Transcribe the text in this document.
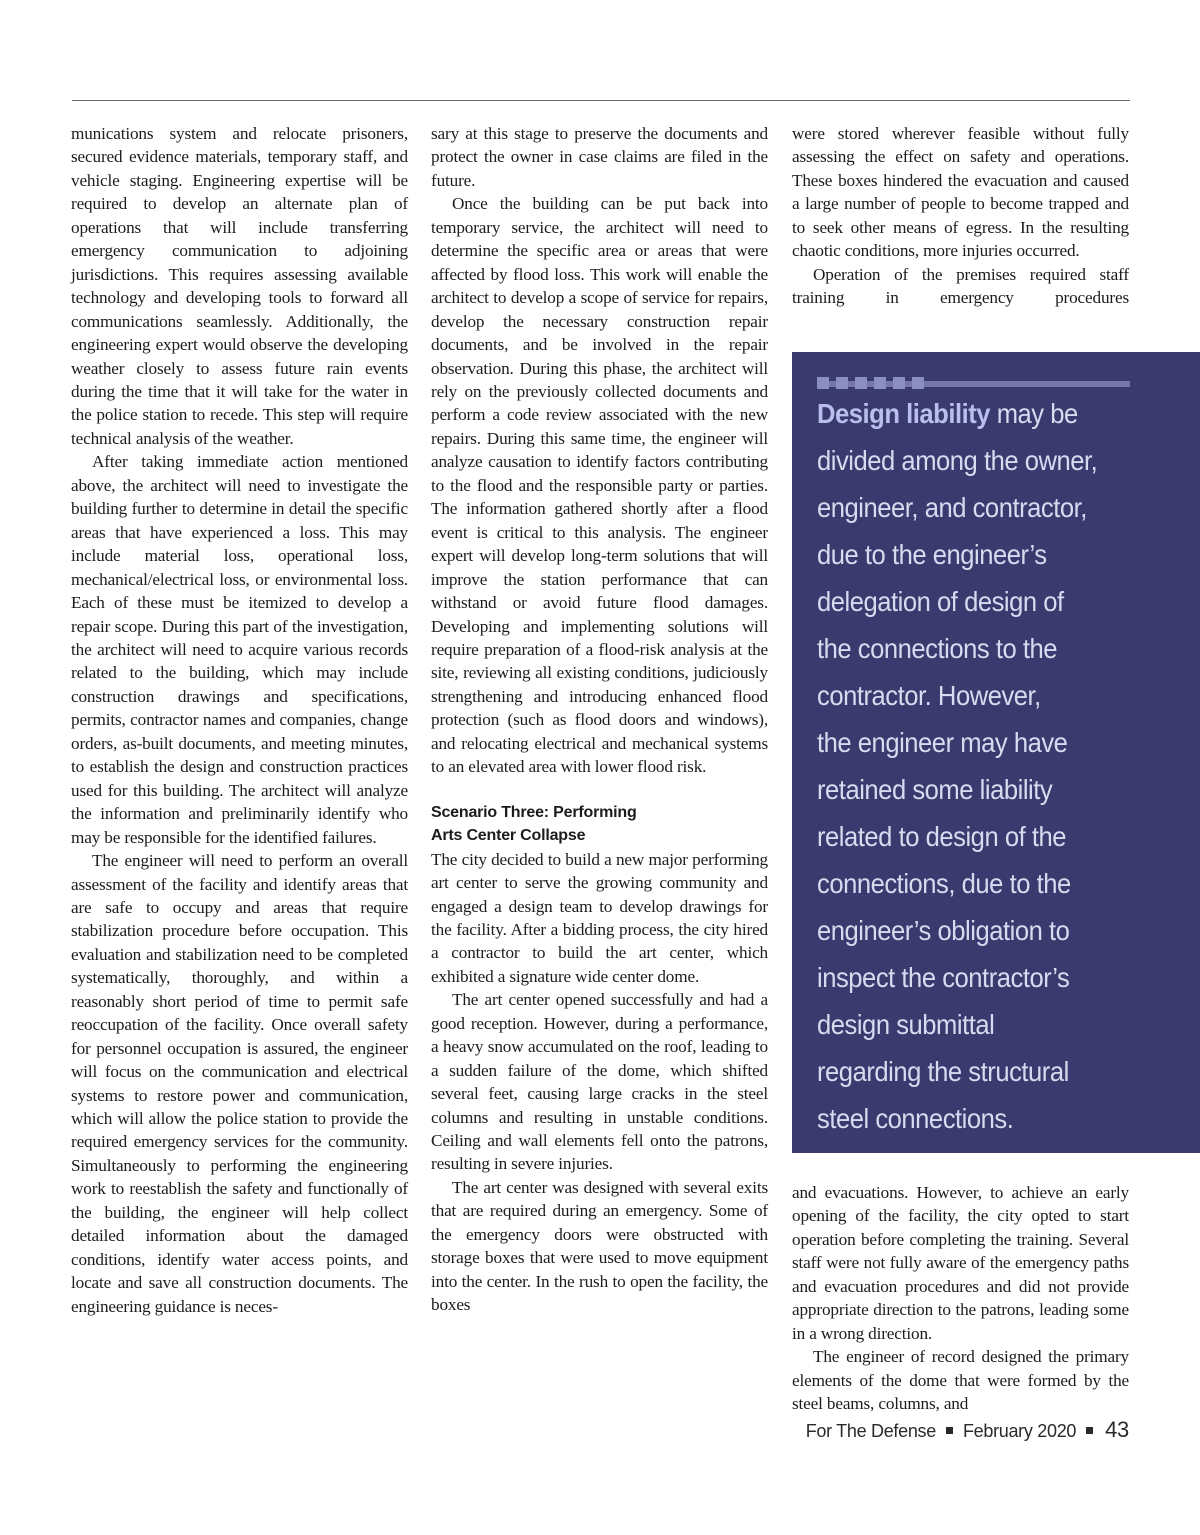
munications system and relocate prisoners, secured evidence materials, temporary staff, and vehicle staging. Engineering expertise will be required to develop an alternate plan of operations that will include transferring emergency communication to adjoining jurisdictions. This requires assessing available technology and developing tools to forward all communications seamlessly. Additionally, the engineering expert would observe the developing weather closely to assess future rain events during the time that it will take for the water in the police station to recede. This step will require technical analysis of the weather.

After taking immediate action mentioned above, the architect will need to investigate the building further to determine in detail the specific areas that have experienced a loss. This may include material loss, operational loss, mechanical/electrical loss, or environmental loss. Each of these must be itemized to develop a repair scope. During this part of the investigation, the architect will need to acquire various records related to the building, which may include construction drawings and specifications, permits, contractor names and companies, change orders, as-built documents, and meeting minutes, to establish the design and construction practices used for this building. The architect will analyze the information and preliminarily identify who may be responsible for the identified failures.

The engineer will need to perform an overall assessment of the facility and identify areas that are safe to occupy and areas that require stabilization procedure before occupation. This evaluation and stabilization need to be completed systematically, thoroughly, and within a reasonably short period of time to permit safe reoccupation of the facility. Once overall safety for personnel occupation is assured, the engineer will focus on the communication and electrical systems to restore power and communication, which will allow the police station to provide the required emergency services for the community. Simultaneously to performing the engineering work to reestablish the safety and functionally of the building, the engineer will help collect detailed information about the damaged conditions, identify water access points, and locate and save all construction documents. The engineering guidance is neces-

sary at this stage to preserve the documents and protect the owner in case claims are filed in the future.

Once the building can be put back into temporary service, the architect will need to determine the specific area or areas that were affected by flood loss. This work will enable the architect to develop a scope of service for repairs, develop the necessary construction repair documents, and be involved in the repair observation. During this phase, the architect will rely on the previously collected documents and perform a code review associated with the new repairs. During this same time, the engineer will analyze causation to identify factors contributing to the flood and the responsible party or parties. The information gathered shortly after a flood event is critical to this analysis. The engineer expert will develop long-term solutions that will improve the station performance that can withstand or avoid future flood damages. Developing and implementing solutions will require preparation of a flood-risk analysis at the site, reviewing all existing conditions, judiciously strengthening and introducing enhanced flood protection (such as flood doors and windows), and relocating electrical and mechanical systems to an elevated area with lower flood risk.

Scenario Three: Performing
Arts Center Collapse

The city decided to build a new major performing art center to serve the growing community and engaged a design team to develop drawings for the facility. After a bidding process, the city hired a contractor to build the art center, which exhibited a signature wide center dome.

The art center opened successfully and had a good reception. However, during a performance, a heavy snow accumulated on the roof, leading to a sudden failure of the dome, which shifted several feet, causing large cracks in the steel columns and resulting in unstable conditions. Ceiling and wall elements fell onto the patrons, resulting in severe injuries.

The art center was designed with several exits that are required during an emergency. Some of the emergency doors were obstructed with storage boxes that were used to move equipment into the center. In the rush to open the facility, the boxes

were stored wherever feasible without fully assessing the effect on safety and operations. These boxes hindered the evacuation and caused a large number of people to become trapped and to seek other means of egress. In the resulting chaotic conditions, more injuries occurred.

Operation of the premises required staff training in emergency procedures

Design liability may be
divided among the owner,
engineer, and contractor,
due to the engineer’s
delegation of design of
the connections to the
contractor. However,
the engineer may have
retained some liability
related to design of the
connections, due to the
engineer’s obligation to
inspect the contractor’s
design submittal
regarding the structural
steel connections.

and evacuations. However, to achieve an early opening of the facility, the city opted to start operation before completing the training. Several staff were not fully aware of the emergency paths and evacuation procedures and did not provide appropriate direction to the patrons, leading some in a wrong direction.

The engineer of record designed the primary elements of the dome that were formed by the steel beams, columns, and

For The Defense February 2020 43
